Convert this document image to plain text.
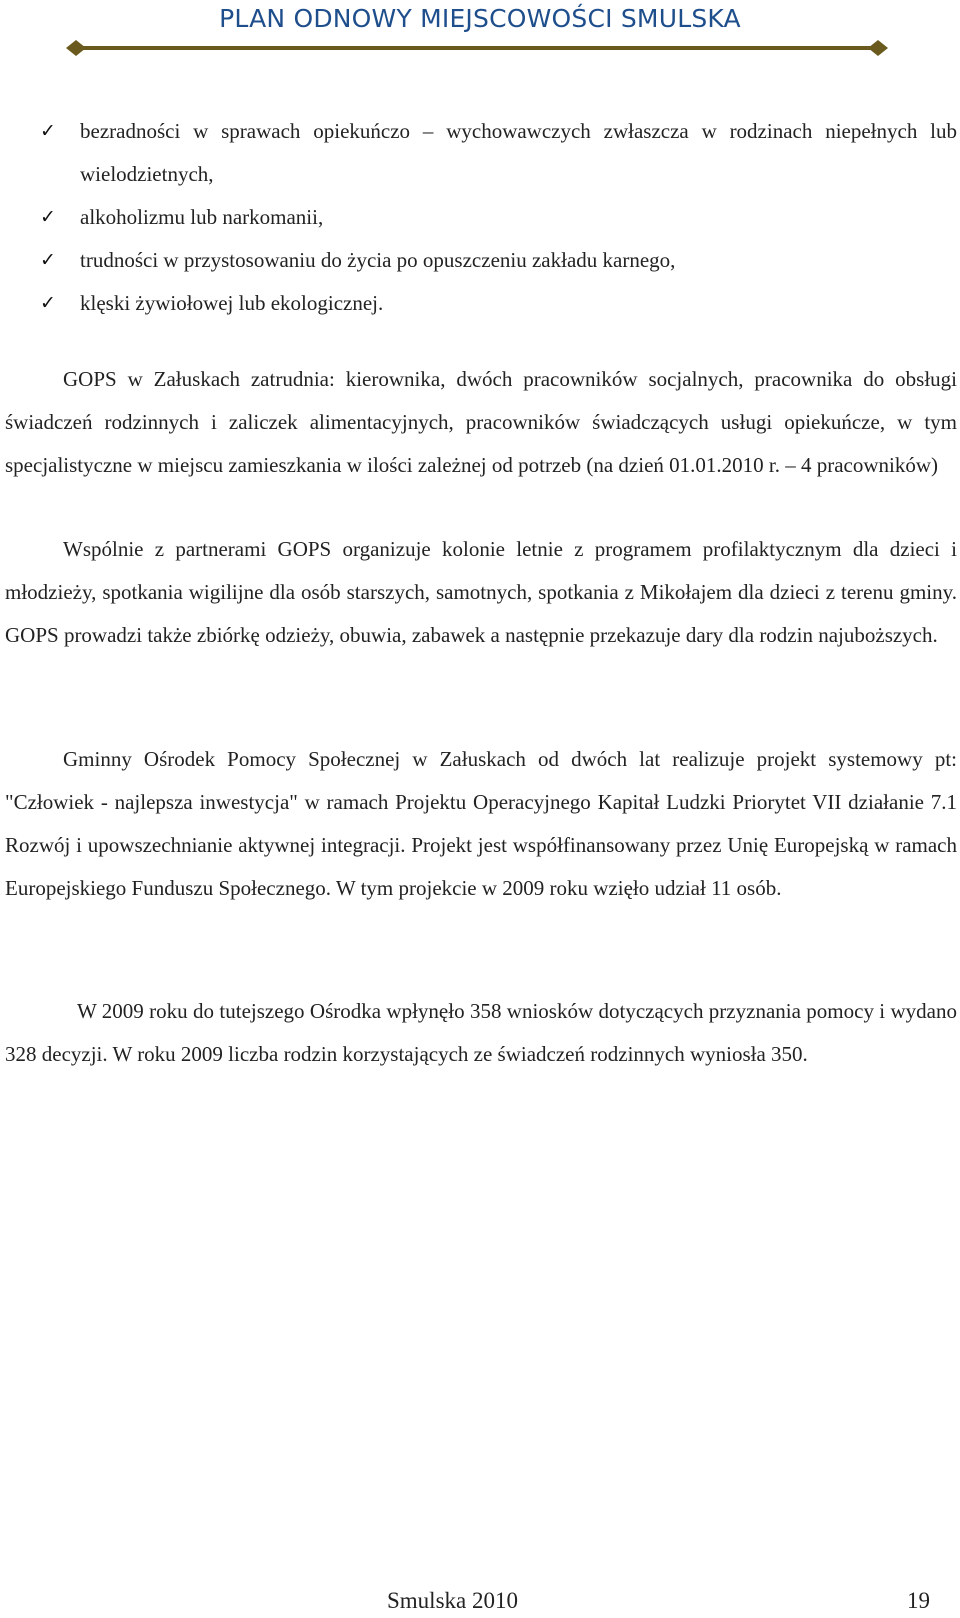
PLAN ODNOWY MIEJSCOWOŚCI SMULSKA
✓ bezradności w sprawach opiekuńczo – wychowawczych zwłaszcza w rodzinach niepełnych lub wielodzietnych,
✓ alkoholizmu lub narkomanii,
✓ trudności w przystosowaniu do życia po opuszczeniu zakładu karnego,
✓ klęski żywiołowej lub ekologicznej.

GOPS w Załuskach zatrudnia: kierownika, dwóch pracowników socjalnych, pracownika do obsługi świadczeń rodzinnych i zaliczek alimentacyjnych, pracowników świadczących usługi opiekuńcze, w tym specjalistyczne w miejscu zamieszkania w ilości zależnej od potrzeb (na dzień 01.01.2010 r. – 4 pracowników)

Wspólnie z partnerami GOPS organizuje kolonie letnie z programem profilaktycznym dla dzieci i młodzieży, spotkania wigilijne dla osób starszych, samotnych, spotkania z Mikołajem dla dzieci z terenu gminy. GOPS prowadzi także zbiórkę odzieży, obuwia, zabawek a następnie przekazuje dary dla rodzin najuboższych.

Gminny Ośrodek Pomocy Społecznej w Załuskach od dwóch lat realizuje projekt systemowy pt: "Człowiek - najlepsza inwestycja" w ramach Projektu Operacyjnego Kapitał Ludzki Priorytet VII działanie 7.1 Rozwój i upowszechnianie aktywnej integracji. Projekt jest współfinansowany przez Unię Europejską w ramach Europejskiego Funduszu Społecznego. W tym projekcie w 2009 roku wzięło udział 11 osób.

W 2009 roku do tutejszego Ośrodka wpłynęło 358 wniosków dotyczących przyznania pomocy i wydano 328 decyzji. W roku 2009 liczba rodzin korzystających ze świadczeń rodzinnych wyniosła 350.

Smulska 2010	19
